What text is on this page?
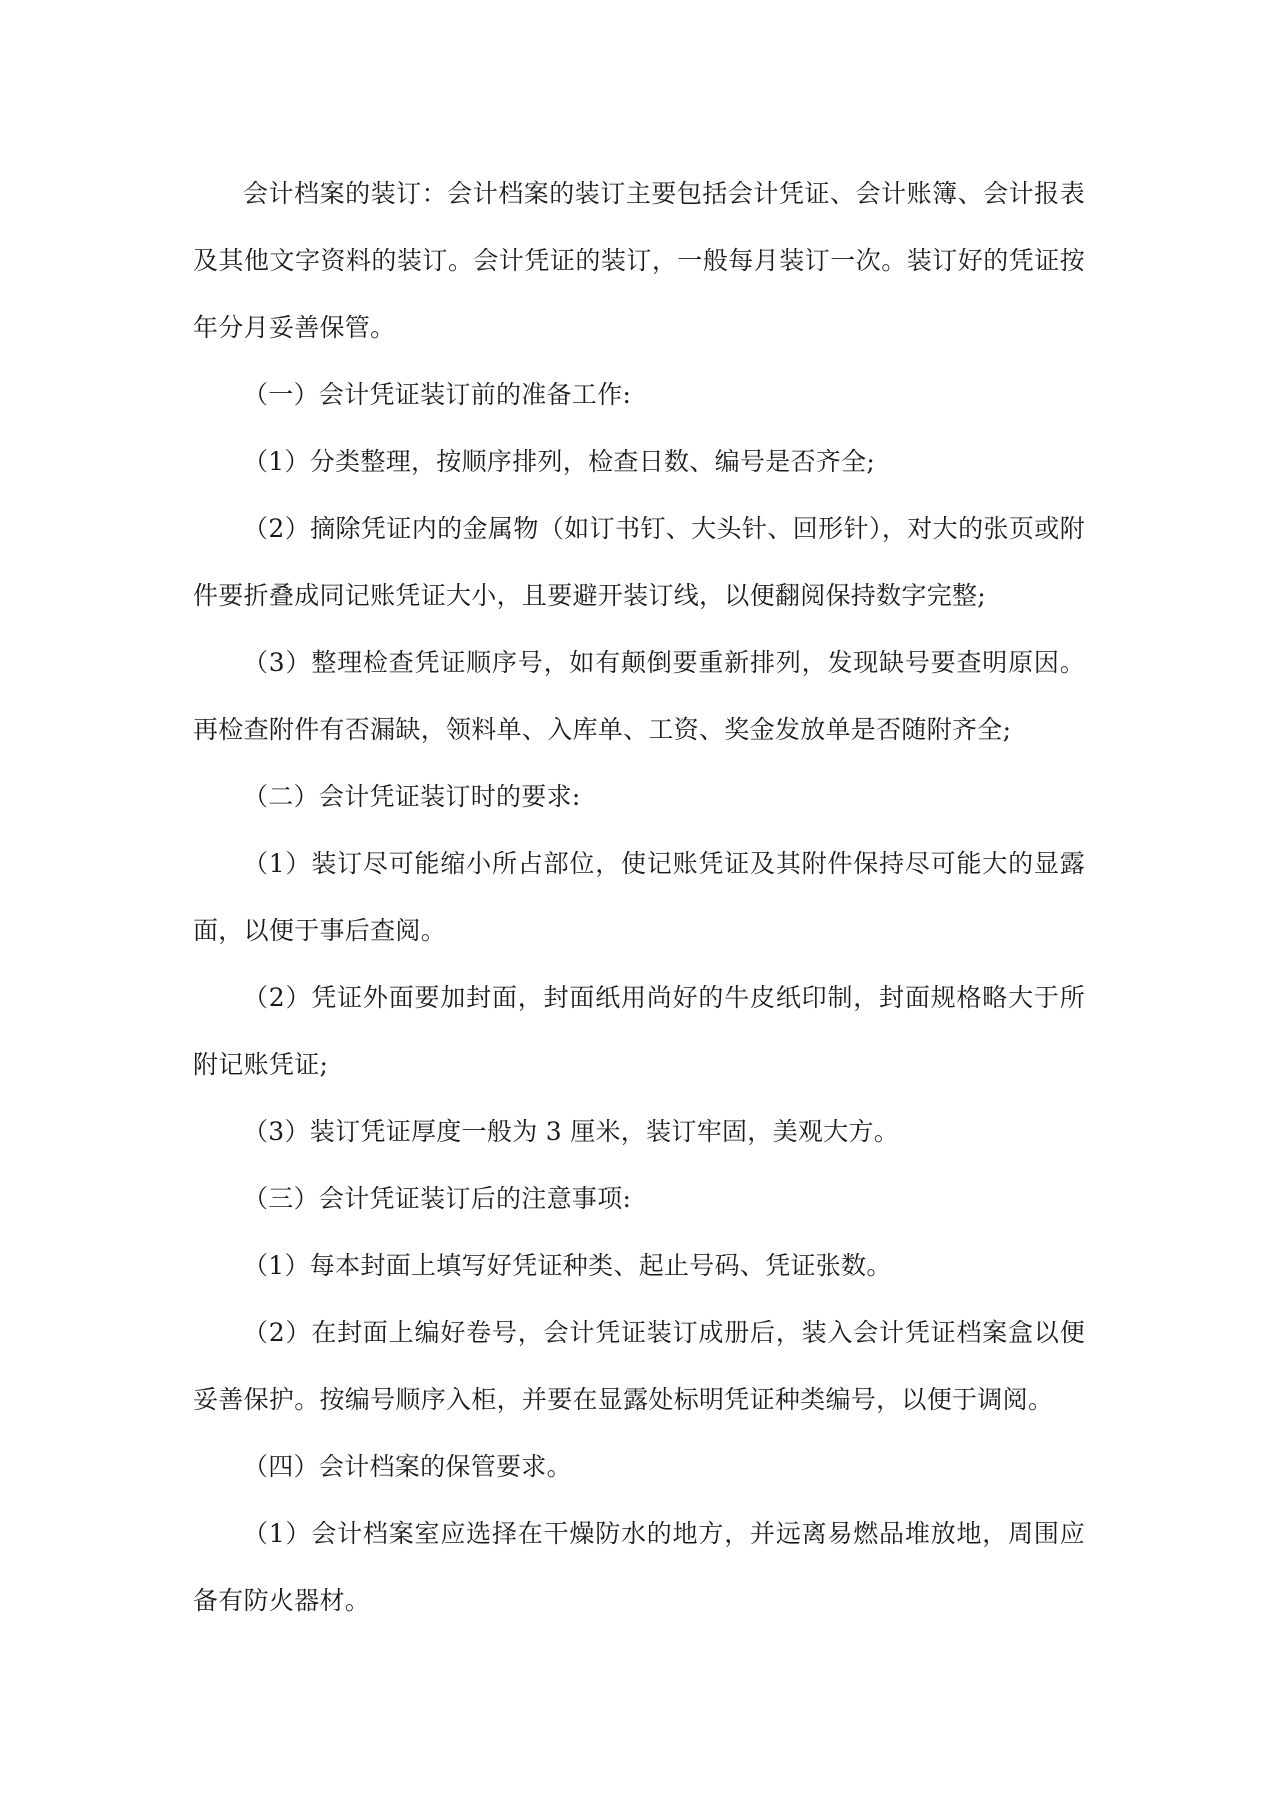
会计档案的装订：会计档案的装订主要包括会计凭证、会计账簿、会计报表及其他文字资料的装订。会计凭证的装订，一般每月装订一次。装订好的凭证按年分月妥善保管。

（一）会计凭证装订前的准备工作:

（1）分类整理，按顺序排列，检查日数、编号是否齐全;

（2）摘除凭证内的金属物（如订书钉、大头针、回形针），对大的张页或附件要折叠成同记账凭证大小，且要避开装订线，以便翻阅保持数字完整;

（3）整理检查凭证顺序号，如有颠倒要重新排列，发现缺号要查明原因。再检查附件有否漏缺，领料单、入库单、工资、奖金发放单是否随附齐全;

（二）会计凭证装订时的要求:

（1）装订尽可能缩小所占部位，使记账凭证及其附件保持尽可能大的显露面，以便于事后查阅。

（2）凭证外面要加封面，封面纸用尚好的牛皮纸印制，封面规格略大于所附记账凭证;

（3）装订凭证厚度一般为 3 厘米，装订牢固，美观大方。

（三）会计凭证装订后的注意事项:

（1）每本封面上填写好凭证种类、起止号码、凭证张数。

（2）在封面上编好卷号，会计凭证装订成册后，装入会计凭证档案盒以便妥善保护。按编号顺序入柜，并要在显露处标明凭证种类编号，以便于调阅。

（四）会计档案的保管要求。

（1）会计档案室应选择在干燥防水的地方，并远离易燃品堆放地，周围应备有防火器材。
